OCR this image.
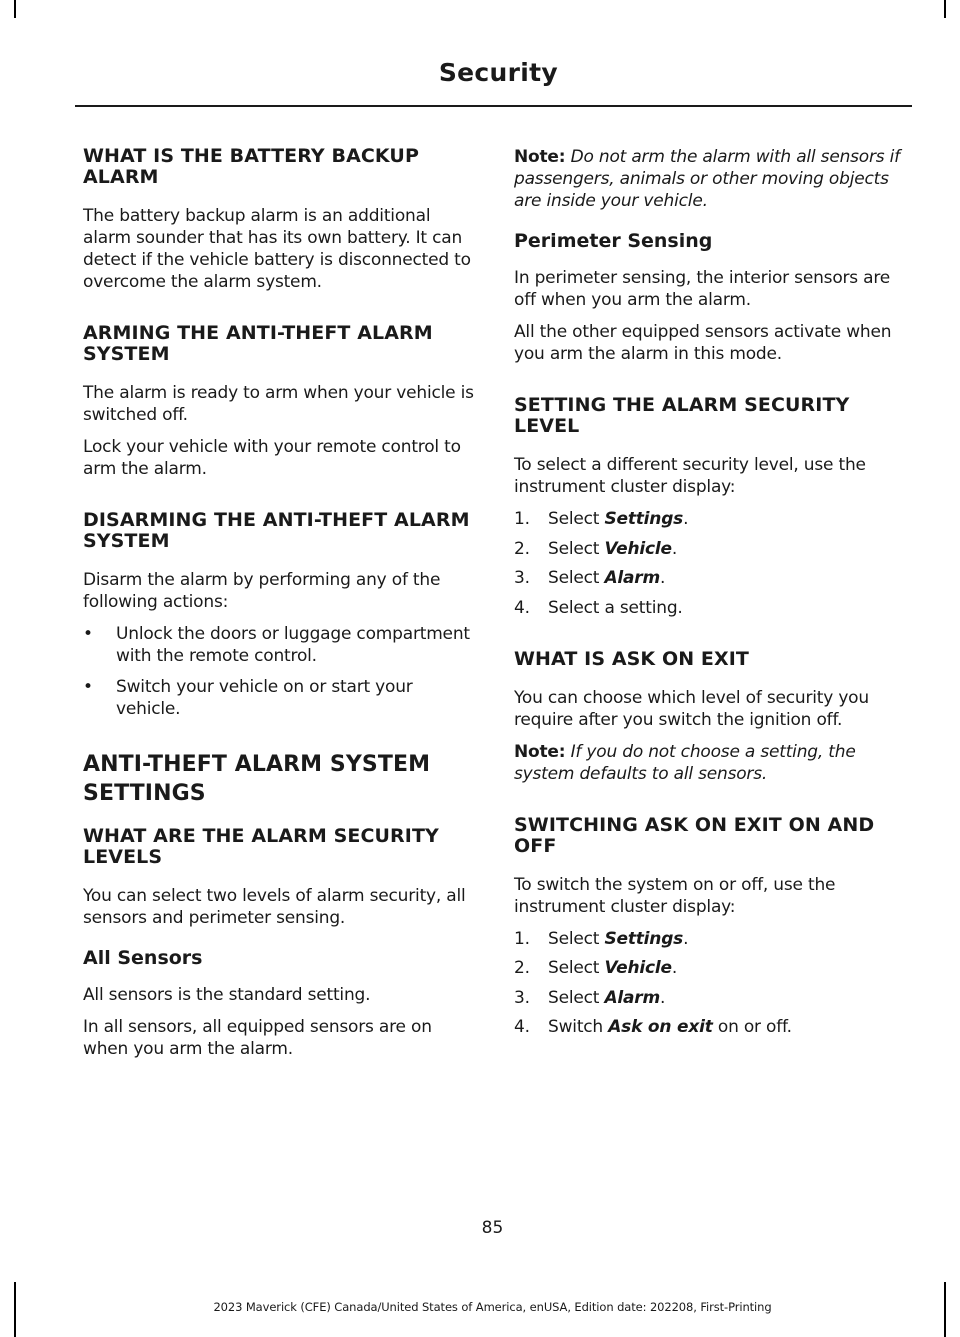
Security
WHAT IS THE BATTERY BACKUP ALARM

The battery backup alarm is an additional alarm sounder that has its own battery. It can detect if the vehicle battery is disconnected to overcome the alarm system.

ARMING THE ANTI-THEFT ALARM SYSTEM

The alarm is ready to arm when your vehicle is switched off.

Lock your vehicle with your remote control to arm the alarm.

DISARMING THE ANTI-THEFT ALARM SYSTEM

Disarm the alarm by performing any of the following actions:

• Unlock the doors or luggage compartment with the remote control.
• Switch your vehicle on or start your vehicle.
ANTI-THEFT ALARM SYSTEM SETTINGS
WHAT ARE THE ALARM SECURITY LEVELS

You can select two levels of alarm security, all sensors and perimeter sensing.

All Sensors

All sensors is the standard setting.

In all sensors, all equipped sensors are on when you arm the alarm.

Note: Do not arm the alarm with all sensors if passengers, animals or other moving objects are inside your vehicle.

Perimeter Sensing

In perimeter sensing, the interior sensors are off when you arm the alarm.

All the other equipped sensors activate when you arm the alarm in this mode.

SETTING THE ALARM SECURITY LEVEL

To select a different security level, use the instrument cluster display:

1. Select Settings.
2. Select Vehicle.
3. Select Alarm.
4. Select a setting.
WHAT IS ASK ON EXIT

You can choose which level of security you require after you switch the ignition off.

Note: If you do not choose a setting, the system defaults to all sensors.

SWITCHING ASK ON EXIT ON AND OFF

To switch the system on or off, use the instrument cluster display:

1. Select Settings.
2. Select Vehicle.
3. Select Alarm.
4. Switch Ask on exit on or off.
85
2023 Maverick (CFE) Canada/United States of America, enUSA, Edition date: 202208, First-Printing
